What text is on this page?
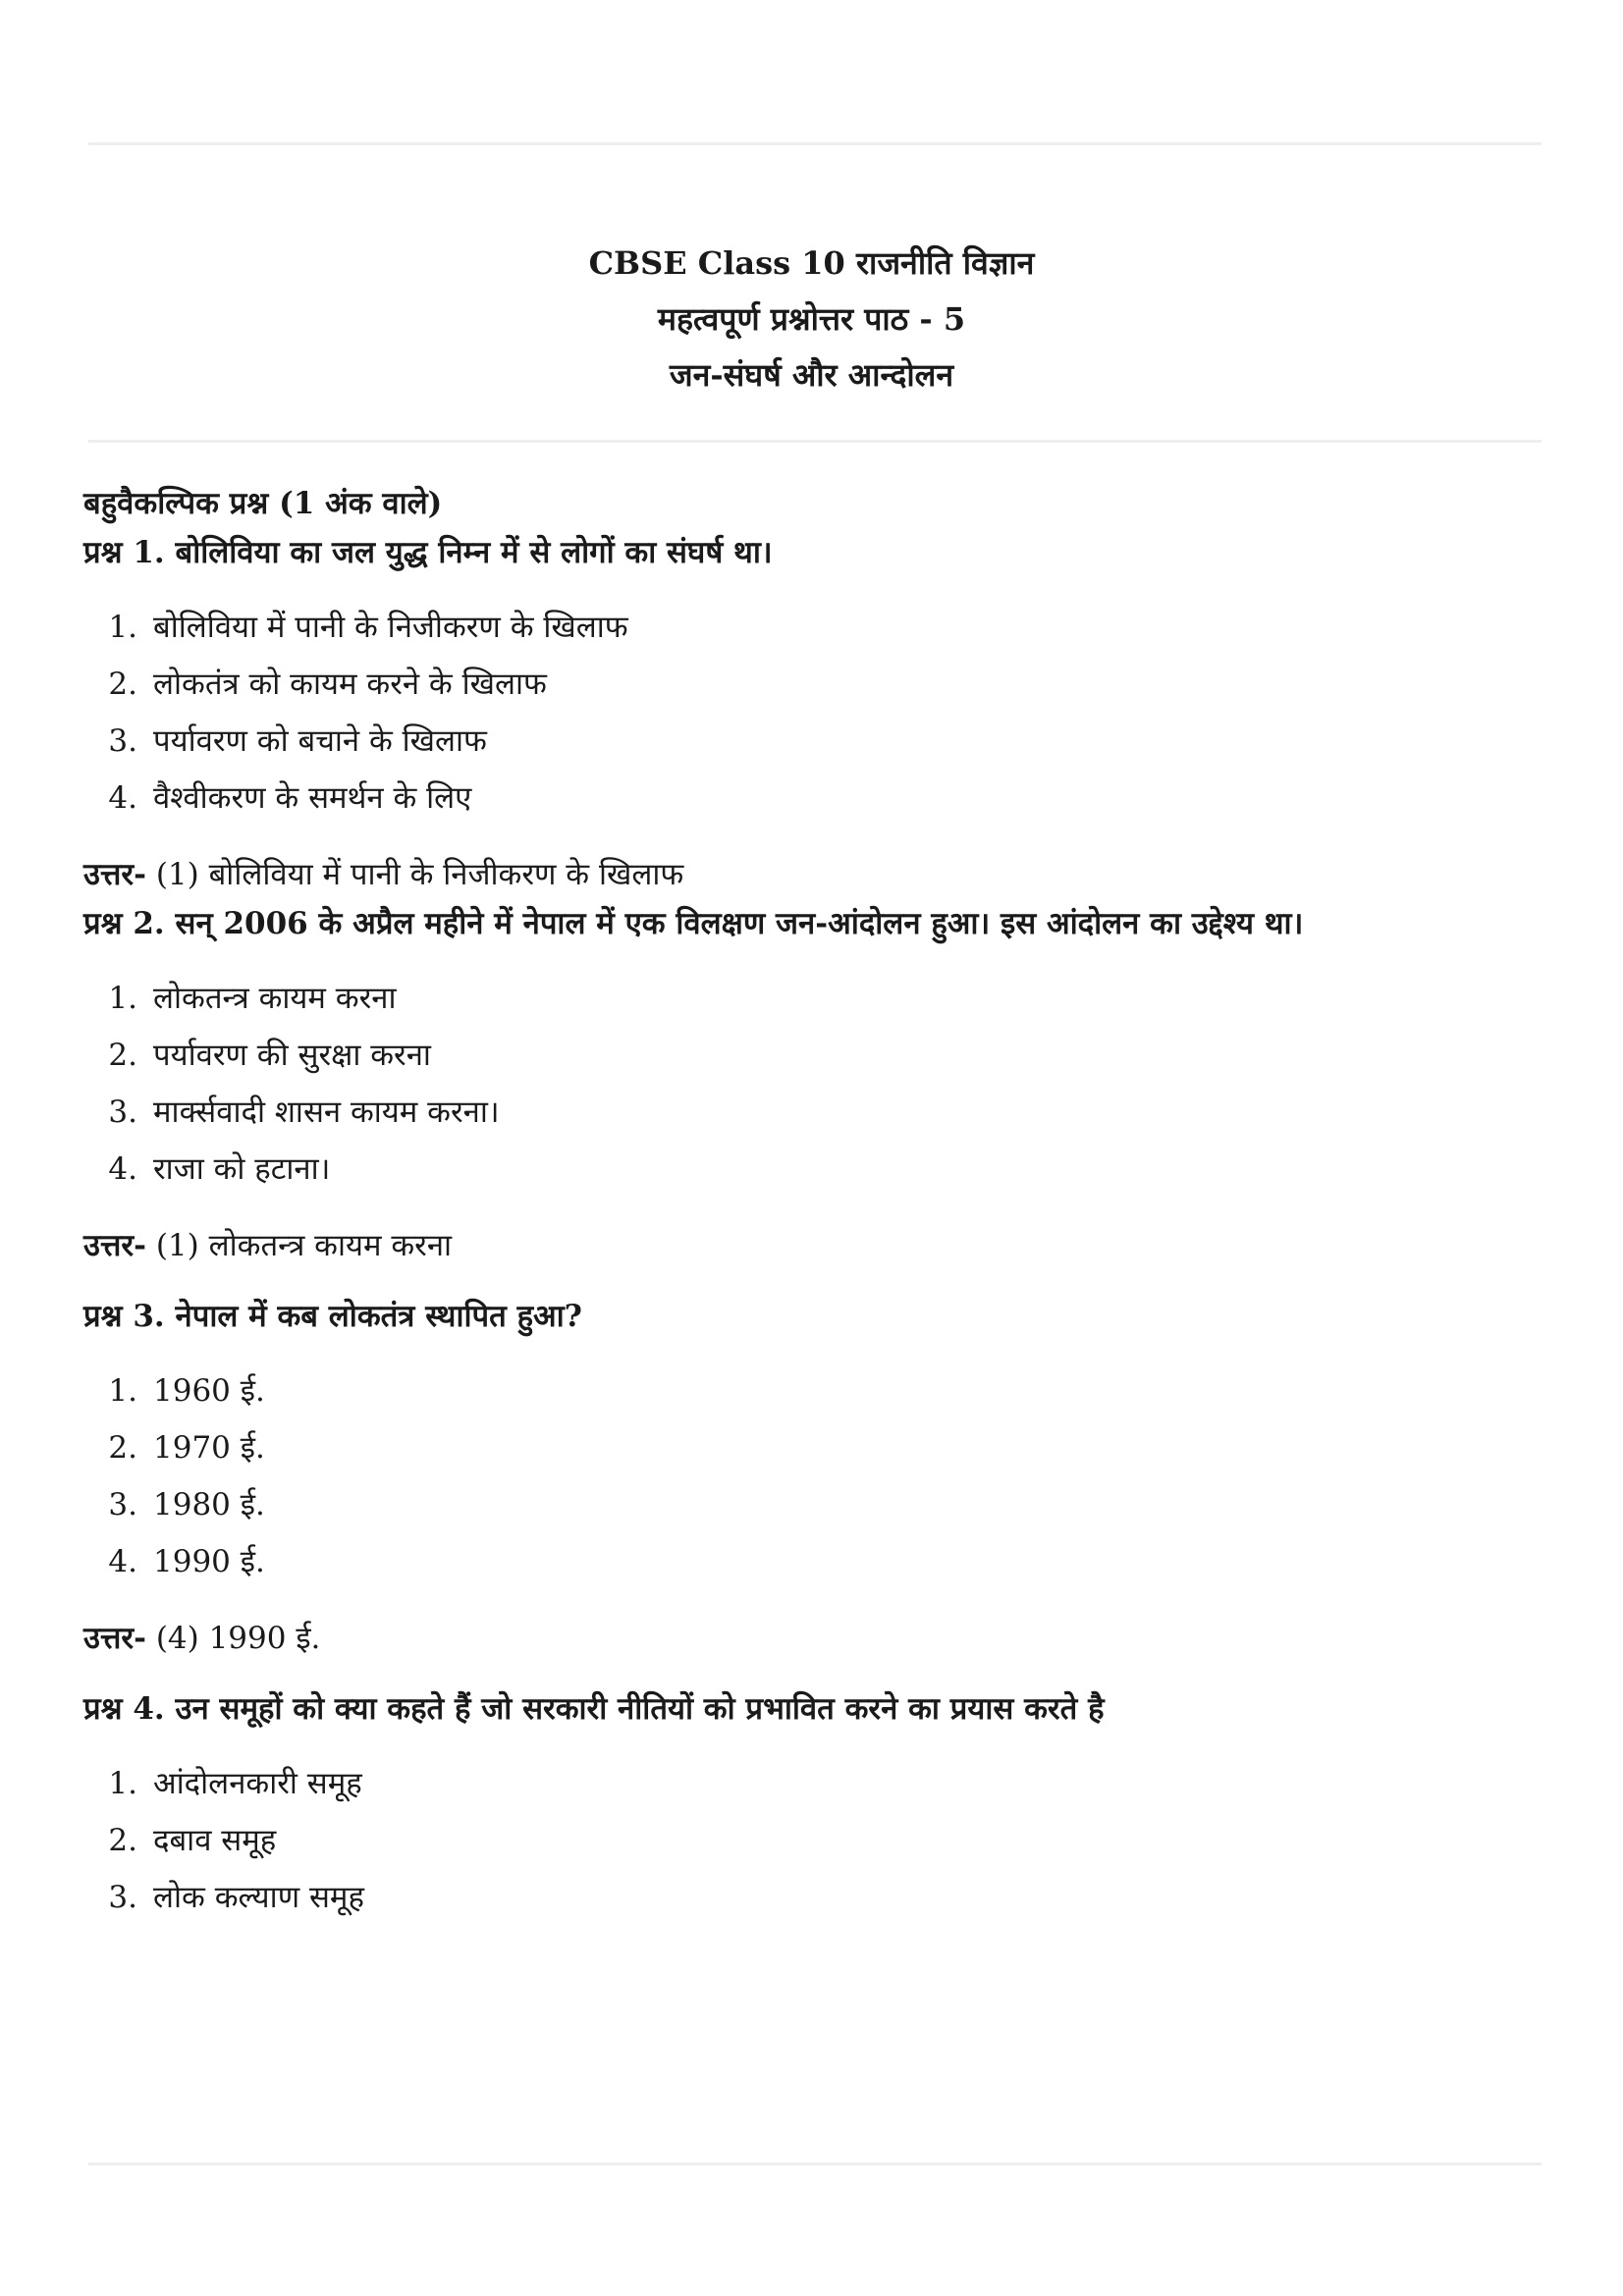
CBSE Class 10 राजनीति विज्ञान
महत्वपूर्ण प्रश्नोत्तर पाठ - 5
जन-संघर्ष और आन्दोलन
बहुवैकल्पिक प्रश्न (1 अंक वाले)
प्रश्न 1. बोलिविया का जल युद्ध निम्न में से लोगों का संघर्ष था।
1. बोलिविया में पानी के निजीकरण के खिलाफ
2. लोकतंत्र को कायम करने के खिलाफ
3. पर्यावरण को बचाने के खिलाफ
4. वैश्वीकरण के समर्थन के लिए
उत्तर- (1) बोलिविया में पानी के निजीकरण के खिलाफ
प्रश्न 2. सन् 2006 के अप्रैल महीने में नेपाल में एक विलक्षण जन-आंदोलन हुआ। इस आंदोलन का उद्देश्य था।
1. लोकतन्त्र कायम करना
2. पर्यावरण की सुरक्षा करना
3. मार्क्सवादी शासन कायम करना।
4. राजा को हटाना।
उत्तर- (1) लोकतन्त्र कायम करना
प्रश्न 3. नेपाल में कब लोकतंत्र स्थापित हुआ?
1. 1960 ई.
2. 1970 ई.
3. 1980 ई.
4. 1990 ई.
उत्तर- (4) 1990 ई.
प्रश्न 4. उन समूहों को क्या कहते हैं जो सरकारी नीतियों को प्रभावित करने का प्रयास करते है
1. आंदोलनकारी समूह
2. दबाव समूह
3. लोक कल्याण समूह
